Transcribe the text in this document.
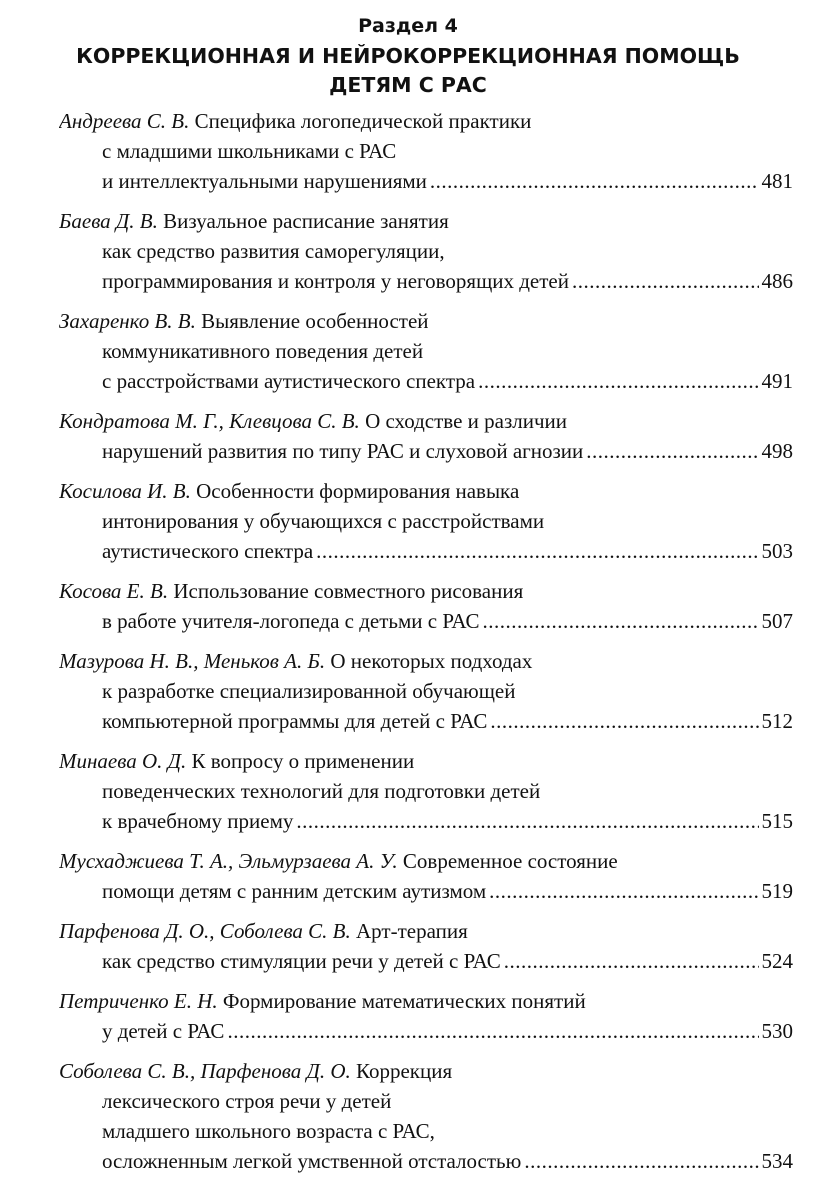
Раздел 4
КОРРЕКЦИОННАЯ И НЕЙРОКОРРЕКЦИОННАЯ ПОМОЩЬ
ДЕТЯМ С РАС
Андреева С. В. Специфика логопедической практики
с младшими школьниками с РАС
и интеллектуальными нарушениями .....	481
Баева Д. В. Визуальное расписание занятия
как средство развития саморегуляции,
программирования и контроля у неговорящих детей .....	486
Захаренко В. В. Выявление особенностей
коммуникативного поведения детей
с расстройствами аутистического спектра .....	491
Кондратова М. Г., Клевцова С. В. О сходстве и различии
нарушений развития по типу РАС и слуховой агнозии .....	498
Косилова И. В. Особенности формирования навыка
интонирования у обучающихся с расстройствами
аутистического спектра .....	503
Косова Е. В. Использование совместного рисования
в работе учителя-логопеда с детьми с РАС .....	507
Мазурова Н. В., Меньков А. Б. О некоторых подходах
к разработке специализированной обучающей
компьютерной программы для детей с РАС .....	512
Минаева О. Д. К вопросу о применении
поведенческих технологий для подготовки детей
к врачебному приему .....	515
Мусхаджиева Т. А., Эльмурзаева А. У. Современное состояние
помощи детям с ранним детским аутизмом .....	519
Парфенова Д. О., Соболева С. В. Арт-терапия
как средство стимуляции речи у детей с РАС .....	524
Петриченко Е. Н. Формирование математических понятий
у детей с РАС .....	530
Соболева С. В., Парфенова Д. О. Коррекция
лексического строя речи у детей
младшего школьного возраста с РАС,
осложненным легкой умственной отсталостью .....	534
